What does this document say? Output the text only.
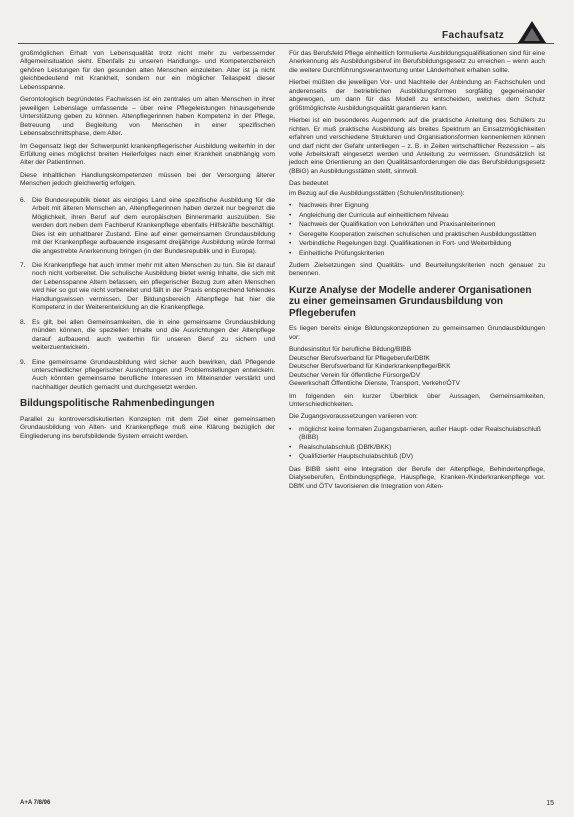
Fachaufsatz

großmöglichen Erhalt von Lebensqualität trotz nicht mehr zu verbessernder Allgemeinsituation sieht. Ebenfalls zu unseren Handlungs- und Kompetenzbereich gehören Leistungen für den gesunden alten Menschen einzuleiten. Alter ist ja nicht gleichbedeutend mit Krankheit, sondern nur ein möglicher Teilaspekt dieser Lebensspanne.

Gerontologisch begründetes Fachwissen ist ein zentrales um alten Menschen in ihrer jeweiligen Lebenslage umfassende – über reine Pflegeleistungen hinausgehende Unterstützung geben zu können. Altenpflegerinnen haben Kompetenz in der Pflege, Betreuung und Begleitung von Menschen in einer spezifischen Lebensabschnittsphase, dem Alter.

Im Gegensatz liegt der Schwerpunkt krankenpflegerischer Ausbildung weiterhin in der Erfüllung eines möglichst breiten Heilerfolges nach einer Krankheit unabhängig vom Alter der Patientinnen.

Diese inhaltlichen Handlungskompetenzen müssen bei der Versorgung älterer Menschen jedoch gleichwertig erfolgen.

6. Die Bundesrepublik bietet als einziges Land eine spezifische Ausbildung für die Arbeit mit älteren Menschen an, Altenpflegerinnen haben derzeit nur begrenzt die Möglichkeit, ihren Beruf auf dem europäischen Binnenmarkt auszuüben. Sie werden dort neben dem Fachberuf Krankenpflege ebenfalls Hilfskräfte beschäftigt. Dies ist ein unhaltbarer Zustand. Eine auf einer gemeinsamen Grundausbildung mit der Krankenpflege aufbauende insgesamt dreijährige Ausbildung würde formal die angestrebte Anerkennung bringen (in der Bundesrepublik und in Europa).
7. Die Krankenpflege hat auch immer mehr mit alten Menschen zu tun. Sie ist darauf noch nicht vorbereitet. Die schulische Ausbildung bietet wenig Inhalte, die sich mit der Lebensspanne Altern befassen, ein pflegerischer Bezug zum alten Menschen wird hier so gut wie nicht vorbereitet und fällt in der Praxis entsprechend fehlendes Handlungswissen vermissen. Der Bildungsbereich Altenpflege hat hier die Kompetenz in der Weiterentwicklung an die Krankenpflege.
8. Es gilt, bei allen Gemeinsamkeiten, die in eine gemeinsame Grundausbildung münden können, die speziellen Inhalte und die Ausrichtungen der Altenpflege darauf aufbauend auch weiterhin für unseren Beruf zu sichern und weiterzuentwickeln.
9. Eine gemeinsame Grundausbildung wird sicher auch bewirken, daß Pflegende unterschiedlicher pflegerischer Ausrichtungen und Problemstellungen entwickeln. Auch könnten gemeinsame berufliche Interessen im Miteinander verstärkt und nachhaltiger deutlich gemacht und durchgesetzt werden.
Bildungspolitische Rahmenbedingungen

Parallel zu kontroversdiskutierten Konzepten mit dem Ziel einer gemeinsamen Grundausbildung von Alten- und Krankenpflege muß eine Klärung bezüglich der Eingliederung ins berufsbildende System erreicht werden.

Für das Berufsfeld Pflege einheitlich formulierte Ausbildungsqualifikationen sind für eine Anerkennung als Ausbildungsberuf im Berufsbildungsgesetz zu erreichen – wenn auch die weitere Durchführungsverantwortung unter Länderhoheit erhalten sollte.

Hierbei müßten die jeweiligen Vor- und Nachteile der Anbindung an Fachschulen und anderenseits der betrieblichen Ausbildungsformen sorgfältig gegeneinander abgewogen, um dann für das Modell zu entscheiden, welches dem Schutz größtmöglichste Ausbildungsqualität garantieren kann.

Hierbei ist ein besonderes Augenmerk auf die praktische Anleitung des Schülers zu richten. Er muß praktische Ausbildung als breites Spektrum an Einsatzmöglichkeiten erfahren und verschiedene Strukturen und Organisationsformen kennenlernen können und darf nicht der Gefahr unterliegen – z. B. in Zeiten wirtschaftlicher Rezession – als volle Arbeitskraft eingesetzt werden und Anleitung zu vermissen. Grundsätzlich ist jedoch eine Orientierung an den Qualitätsanforderungen die das Berufsbildungsgesetz (BBiG) an Ausbildungsstätten stellt, sinnvoll.

Das bedeutet

im Bezug auf die Ausbildungsstätten (Schulen/Institutionen):

• Nachweis ihrer Eignung
• Angleichung der Curricula auf einheitlichem Niveau
• Nachweis der Qualifikation von Lehrkräften und Praxisanleiterinnen
• Geregelte Kooperation zwischen schulischen und praktischen Ausbildungsstätten
• Verbindliche Regelungen bzgl. Qualifikationen in Fort- und Weiterbildung
• Einheitliche Prüfungskriterien

Zudem Zielsetzungen sind Qualitäts- und Beurteilungskriterien noch genauer zu benennen.

Kurze Analyse der Modelle anderer Organisationen zu einer gemeinsamen Grundausbildung von Pflegeberufen

Es liegen bereits einige Bildungskonzeptionen zu gemeinsamen Grundausbildungen vor:

Bundesinstitut für berufliche Bildung/BIBB
Deutscher Berufsverband für Pflegeberufe/DBfK
Deutscher Berufsverband für Kinderkrankenpflege/BKK
Deutscher Verein für öffentliche Fürsorge/DV
Gewerkschaft Öffentliche Dienste, Transport, Verkehr/ÖTV

Im folgenden ein kurzer Überblick über Aussagen, Gemeinsamkeiten, Unterschiedlichkeiten.

Die Zugangsvoraussetzungen variieren von:

• möglichst keine formalen Zugangsbarrieren, außer Haupt- oder Realschulabschluß (BIBB)
• Realschulabschluß (DBfK/BKK)
• Qualifizierter Hauptschulabschluß (DV)

Das BIBB sieht eine Integration der Berufe der Altenpflege, Behindertenpflege, Dialyseberufen, Entbindungspflege, Hauspflege, Kranken-/Kinderkrankenpflege vor. DBfK und ÖTV favorisieren die Integration von Alten-

A+A 7/8/96	15
